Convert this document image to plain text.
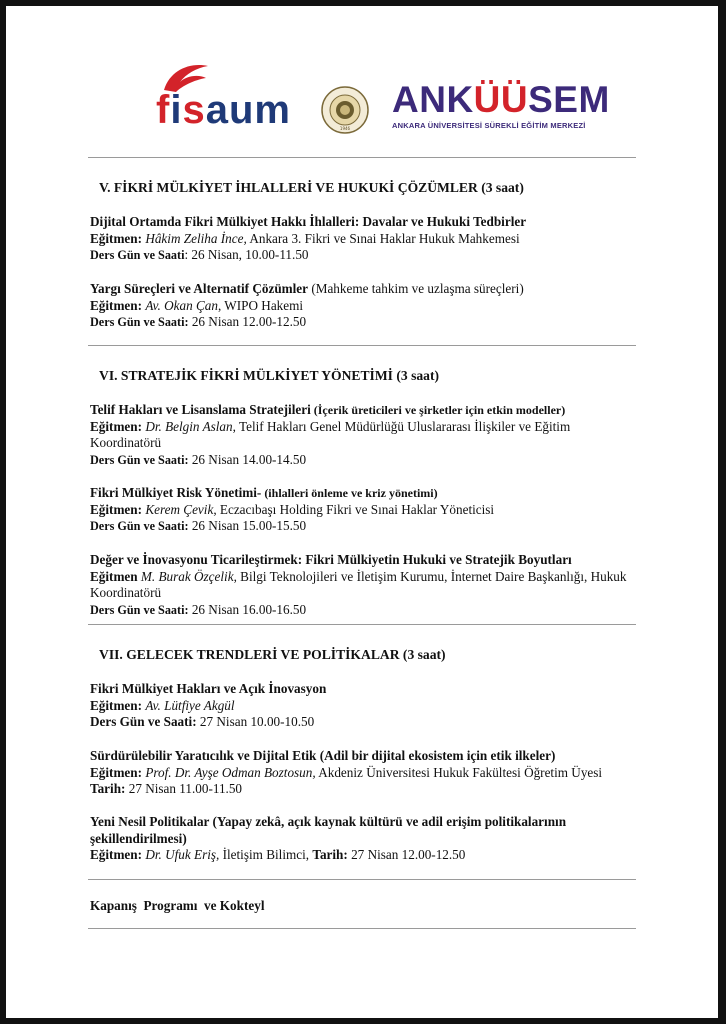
fisaum	1946
ANKÜÜSEM
ANKARA ÜNİVERSİTESİ SÜREKLİ EĞİTİM MERKEZİ
V. FİKRİ MÜLKİYET İHLALLERİ VE HUKUKİ ÇÖZÜMLER (3 saat)
Dijital Ortamda Fikri Mülkiyet Hakkı İhlalleri: Davalar ve Hukuki Tedbirler
Eğitmen: Hâkim Zeliha İnce, Ankara 3. Fikri ve Sınai Haklar Hukuk Mahkemesi
Ders Gün ve Saati: 26 Nisan, 10.00-11.50
Yargı Süreçleri ve Alternatif Çözümler (Mahkeme tahkim ve uzlaşma süreçleri)
Eğitmen: Av. Okan Çan, WIPO Hakemi
Ders Gün ve Saati: 26 Nisan 12.00-12.50
VI. STRATEJİK FİKRİ MÜLKİYET YÖNETİMİ (3 saat)
Telif Hakları ve Lisanslama Stratejileri (İçerik üreticileri ve şirketler için etkin modeller)
Eğitmen: Dr. Belgin Aslan, Telif Hakları Genel Müdürlüğü Uluslararası İlişkiler ve Eğitim Koordinatörü
Ders Gün ve Saati: 26 Nisan 14.00-14.50
Fikri Mülkiyet Risk Yönetimi- (ihlalleri önleme ve kriz yönetimi)
Eğitmen: Kerem Çevik, Eczacıbaşı Holding Fikri ve Sınai Haklar Yöneticisi
Ders Gün ve Saati: 26 Nisan 15.00-15.50
Değer ve İnovasyonu Ticarileştirmek: Fikri Mülkiyetin Hukuki ve Stratejik Boyutları
Eğitmen M. Burak Özçelik, Bilgi Teknolojileri ve İletişim Kurumu, İnternet Daire Başkanlığı, Hukuk Koordinatörü
Ders Gün ve Saati: 26 Nisan 16.00-16.50
VII. GELECEK TRENDLERİ VE POLİTİKALAR (3 saat)
Fikri Mülkiyet Hakları ve Açık İnovasyon
Eğitmen: Av. Lütfiye Akgül
Ders Gün ve Saati: 27 Nisan 10.00-10.50
Sürdürülebilir Yaratıcılık ve Dijital Etik (Adil bir dijital ekosistem için etik ilkeler)
Eğitmen: Prof. Dr. Ayşe Odman Boztosun, Akdeniz Üniversitesi Hukuk Fakültesi Öğretim Üyesi
Tarih: 27 Nisan 11.00-11.50
Yeni Nesil Politikalar (Yapay zekâ, açık kaynak kültürü ve adil erişim politikalarının şekillendirilmesi)
Eğitmen: Dr. Ufuk Eriş, İletişim Bilimci, Tarih: 27 Nisan 12.00-12.50
Kapanış  Programı  ve Kokteyl
